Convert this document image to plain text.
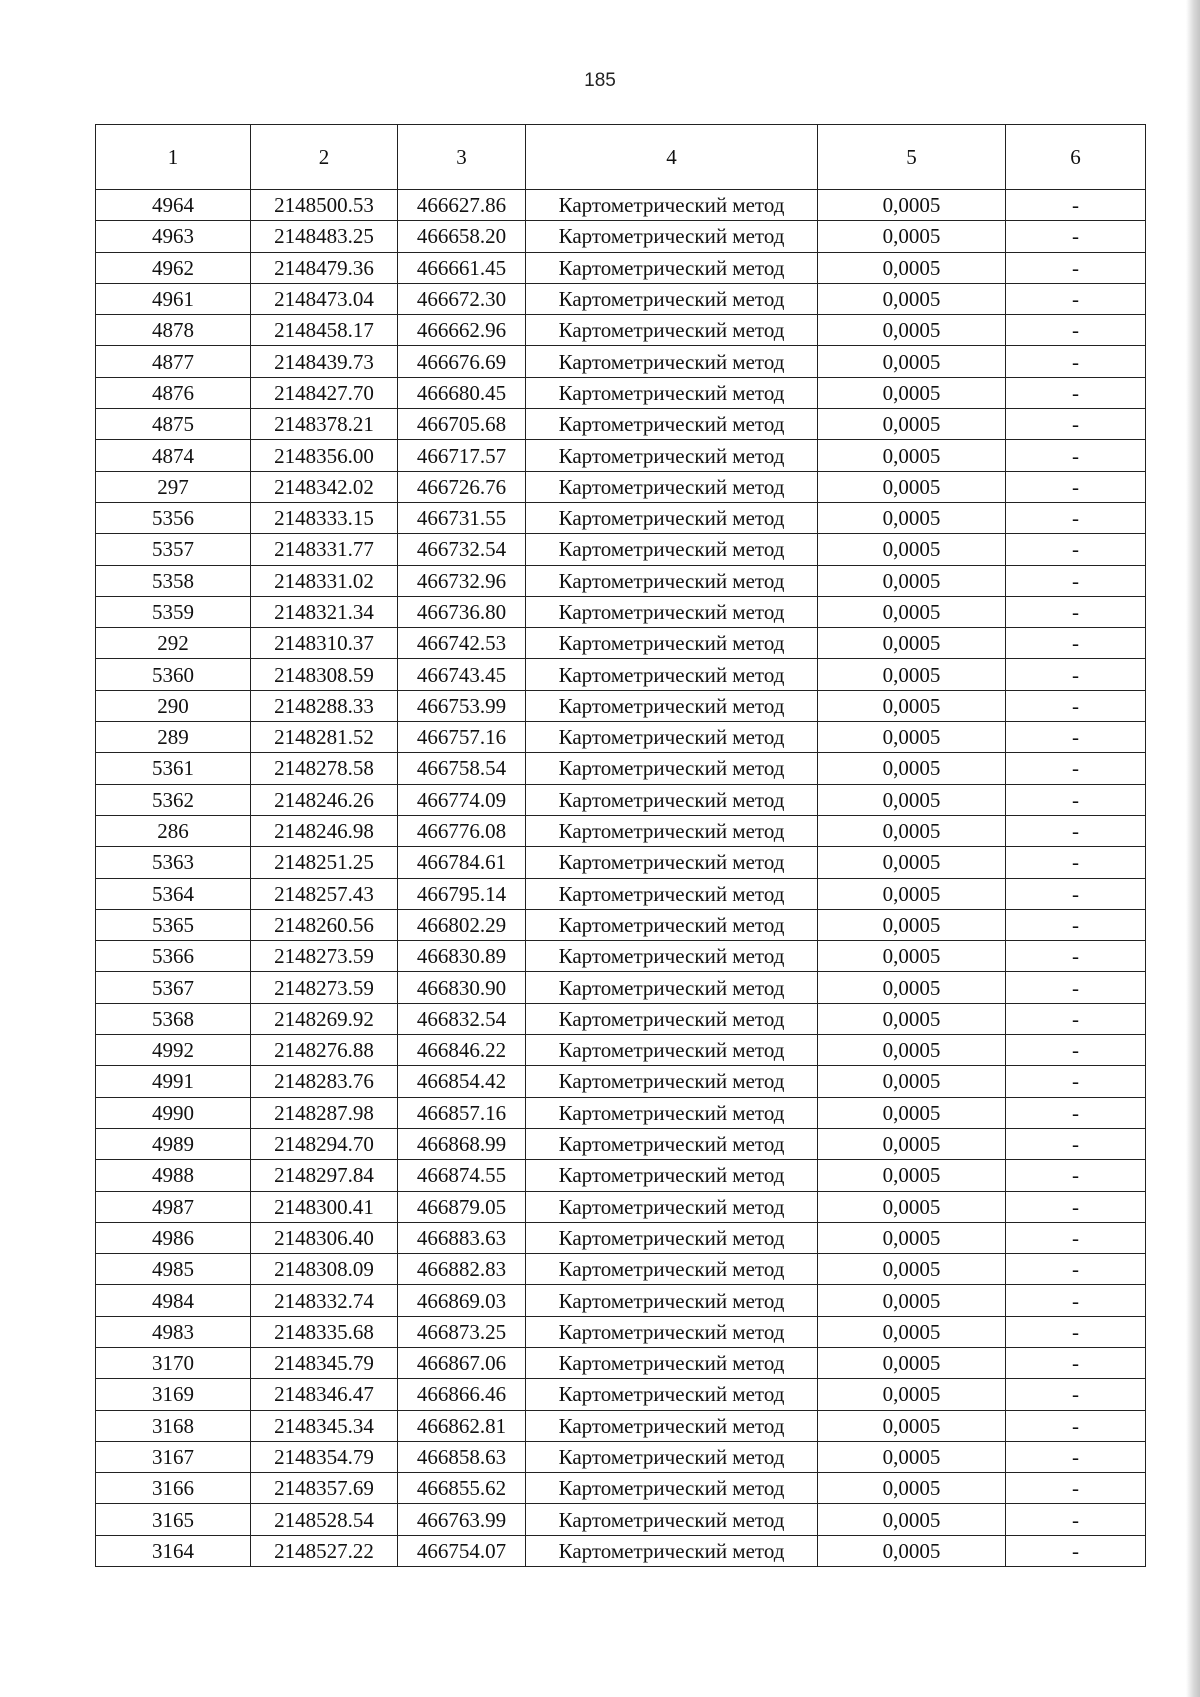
185
1	2	3	4	5	6
4964	2148500.53	466627.86	Картометрический метод	0,0005	-
4963	2148483.25	466658.20	Картометрический метод	0,0005	-
4962	2148479.36	466661.45	Картометрический метод	0,0005	-
4961	2148473.04	466672.30	Картометрический метод	0,0005	-
4878	2148458.17	466662.96	Картометрический метод	0,0005	-
4877	2148439.73	466676.69	Картометрический метод	0,0005	-
4876	2148427.70	466680.45	Картометрический метод	0,0005	-
4875	2148378.21	466705.68	Картометрический метод	0,0005	-
4874	2148356.00	466717.57	Картометрический метод	0,0005	-
297	2148342.02	466726.76	Картометрический метод	0,0005	-
5356	2148333.15	466731.55	Картометрический метод	0,0005	-
5357	2148331.77	466732.54	Картометрический метод	0,0005	-
5358	2148331.02	466732.96	Картометрический метод	0,0005	-
5359	2148321.34	466736.80	Картометрический метод	0,0005	-
292	2148310.37	466742.53	Картометрический метод	0,0005	-
5360	2148308.59	466743.45	Картометрический метод	0,0005	-
290	2148288.33	466753.99	Картометрический метод	0,0005	-
289	2148281.52	466757.16	Картометрический метод	0,0005	-
5361	2148278.58	466758.54	Картометрический метод	0,0005	-
5362	2148246.26	466774.09	Картометрический метод	0,0005	-
286	2148246.98	466776.08	Картометрический метод	0,0005	-
5363	2148251.25	466784.61	Картометрический метод	0,0005	-
5364	2148257.43	466795.14	Картометрический метод	0,0005	-
5365	2148260.56	466802.29	Картометрический метод	0,0005	-
5366	2148273.59	466830.89	Картометрический метод	0,0005	-
5367	2148273.59	466830.90	Картометрический метод	0,0005	-
5368	2148269.92	466832.54	Картометрический метод	0,0005	-
4992	2148276.88	466846.22	Картометрический метод	0,0005	-
4991	2148283.76	466854.42	Картометрический метод	0,0005	-
4990	2148287.98	466857.16	Картометрический метод	0,0005	-
4989	2148294.70	466868.99	Картометрический метод	0,0005	-
4988	2148297.84	466874.55	Картометрический метод	0,0005	-
4987	2148300.41	466879.05	Картометрический метод	0,0005	-
4986	2148306.40	466883.63	Картометрический метод	0,0005	-
4985	2148308.09	466882.83	Картометрический метод	0,0005	-
4984	2148332.74	466869.03	Картометрический метод	0,0005	-
4983	2148335.68	466873.25	Картометрический метод	0,0005	-
3170	2148345.79	466867.06	Картометрический метод	0,0005	-
3169	2148346.47	466866.46	Картометрический метод	0,0005	-
3168	2148345.34	466862.81	Картометрический метод	0,0005	-
3167	2148354.79	466858.63	Картометрический метод	0,0005	-
3166	2148357.69	466855.62	Картометрический метод	0,0005	-
3165	2148528.54	466763.99	Картометрический метод	0,0005	-
3164	2148527.22	466754.07	Картометрический метод	0,0005	-
